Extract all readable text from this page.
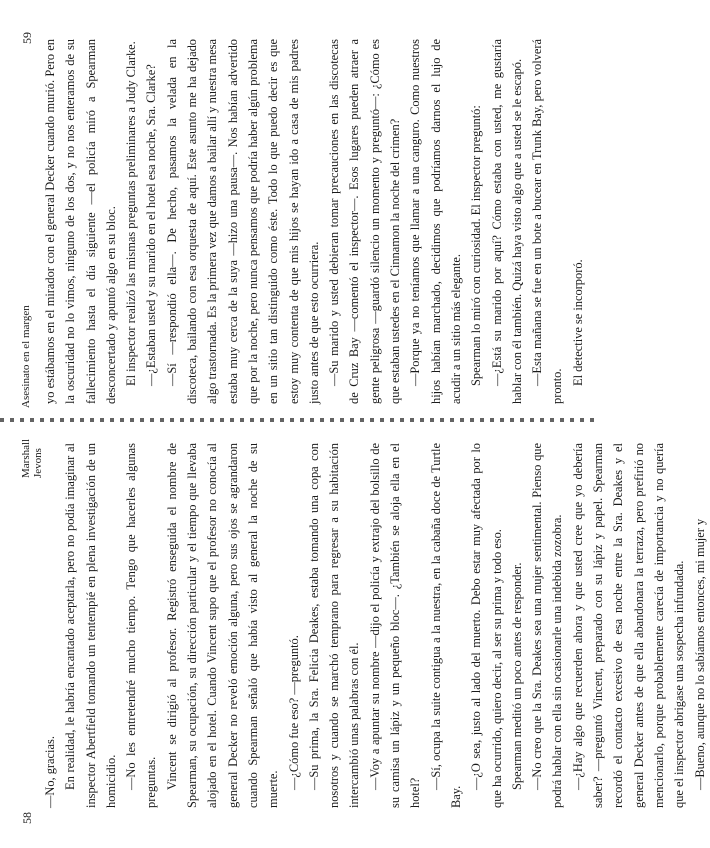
58
Marshall Jevons

—No, gracias. En realidad, le habría encantado aceptarla, pero no podía imaginar al inspector Abertfield tomando un tentempié en plena investigación de un homicidio. —No les entretendré mucho tiempo. Tengo que hacerles algunas preguntas. Vincent se dirigió al profesor. Registró enseguida el nombre de Spearman, su ocupación, su dirección particular y el tiempo que llevaba alojado en el hotel. Cuando Vincent supo que el profesor no conocía al general Decker no reveló emoción alguna, pero sus ojos se agrandaron cuando Spearman señaló que había visto al general la noche de su muerte. —¿Cómo fue eso? —preguntó. —Su prima, la Sra. Felicia Deakes, estaba tomando una copa con nosotros y cuando se marchó temprano para regresar a su habitación intercambió unas palabras con él. —Voy a apuntar su nombre —dijo el policía y extrajo del bolsillo de su camisa un lápiz y un pequeño bloc—. ¿También se aloja ella en el hotel?

—Sí, ocupa la suite contigua a la nuestra, en la cabaña doce de Turtle Bay.

—¿O sea, justo al lado del muerto. Debo estar muy afectada por lo que ha ocurrido, quiero decir, al ser su prima y todo eso. Spearman meditó un poco antes de responder. —No creo que la Sra. Deakes sea una mujer sentimental. Pienso que podrá hablar con ella sin ocasionarle una indebida zozobra. —¿Hay algo que recuerden ahora y que usted cree que yo debería saber? —preguntó Vincent, preparado con su lápiz y papel. Spearman recordó el contacto excesivo de esa noche entre la Sra. Deakes y el general Decker antes de que ella abandonara la terraza, pero prefirió no mencionarlo, porque probablemente carecía de importancia y no quería que el inspector abrigase una sospecha infundada. —Bueno, aunque no lo sabíamos entonces, mi mujer y

Asesinato en el margen
59

yo estábamos en el mirador con el general Decker cuando murió. Pero en la oscuridad no lo vimos, ninguno de los dos, y no nos enteramos de su fallecimiento hasta el día siguiente —el policía miró a Spearman desconcertado y apuntó algo en su bloc. El inspector realizó las mismas preguntas preliminares a Judy Clarke. —¿Estaban usted y su marido en el hotel esa noche, Sra. Clarke? —Sí —respondió ella—. De hecho, pasamos la velada en la discoteca, bailando con esa orquesta de aquí. Este asunto me ha dejado algo trastornada. Es la primera vez que damos a bailar allí y nuestra mesa estaba muy cerca de la suya —hizo una pausa—. Nos habían advertido que por la noche, pero nunca pensamos que podría haber algún problema en un sitio tan distinguido como éste. Todo lo que puedo decir es que estoy muy contenta de que mis hijos se hayan ido a casa de mis padres justo antes de que esto ocurriera. —Su marido y usted debieran tomar precauciones en las discotecas de Cruz Bay —comentó el inspector—. Esos lugares pueden atraer a gente peligrosa —guardó silencio un momento y preguntó—: ¿Cómo es que estaban ustedes en el Cinnamon la noche del crimen? —Porque ya no teníamos que llamar a una canguro. Como nuestros hijos habían marchado, decidimos que podríamos darnos el lujo de acudir a un sitio más elegante. Spearman lo miró con curiosidad. El inspector preguntó: —¿Está su marido por aquí? Cómo estaba con usted, me gustaría hablar con él también. Quizá haya visto algo que a usted se le escapó. —Esta mañana se fue en un bote a bucear en Trunk Bay, pero volverá pronto.

El detective se incorporó.
